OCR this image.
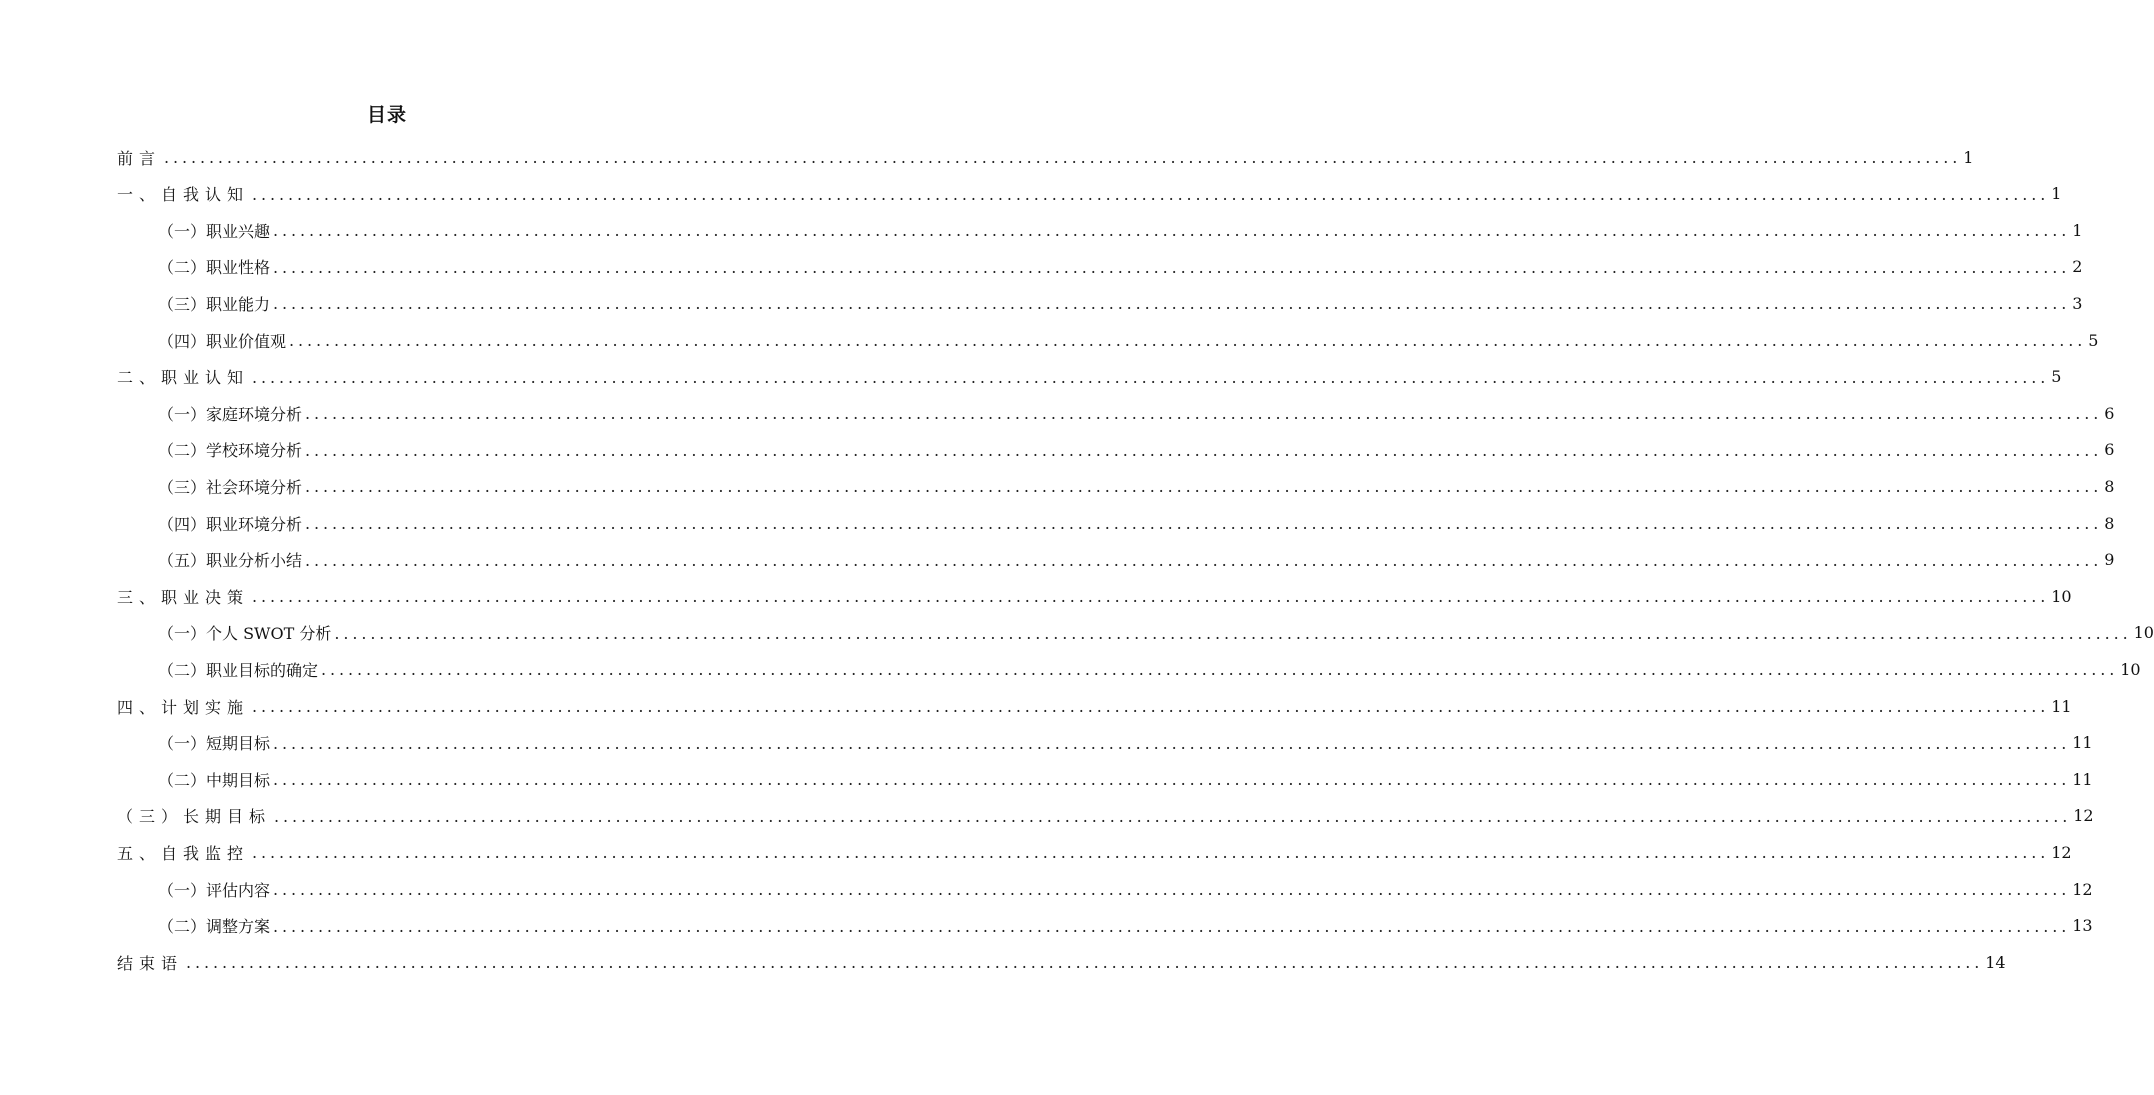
目录
前言 ........................................................................................................................................................................................................ 1
一、自我认知 ........................................................................................................................................................................................................ 1
（一）职业兴趣 ........................................................................................................................................................................................................ 1
（二）职业性格 ........................................................................................................................................................................................................ 2
（三）职业能力 ........................................................................................................................................................................................................ 3
（四）职业价值观 ........................................................................................................................................................................................................ 5
二、职业认知 ........................................................................................................................................................................................................ 5
（一）家庭环境分析 ........................................................................................................................................................................................................ 6
（二）学校环境分析 ........................................................................................................................................................................................................ 6
（三）社会环境分析 ........................................................................................................................................................................................................ 8
（四）职业环境分析 ........................................................................................................................................................................................................ 8
（五）职业分析小结 ........................................................................................................................................................................................................ 9
三、职业决策 ........................................................................................................................................................................................................ 10
（一）个人 SWOT 分析 ........................................................................................................................................................................................................ 10
（二）职业目标的确定 ........................................................................................................................................................................................................ 10
四、计划实施 ........................................................................................................................................................................................................ 11
（一）短期目标 ........................................................................................................................................................................................................ 11
（二）中期目标 ........................................................................................................................................................................................................ 11
（三）长期目标 ........................................................................................................................................................................................................ 12
五、自我监控 ........................................................................................................................................................................................................ 12
（一）评估内容 ........................................................................................................................................................................................................ 12
（二）调整方案 ........................................................................................................................................................................................................ 13
结束语 ........................................................................................................................................................................................................ 14
